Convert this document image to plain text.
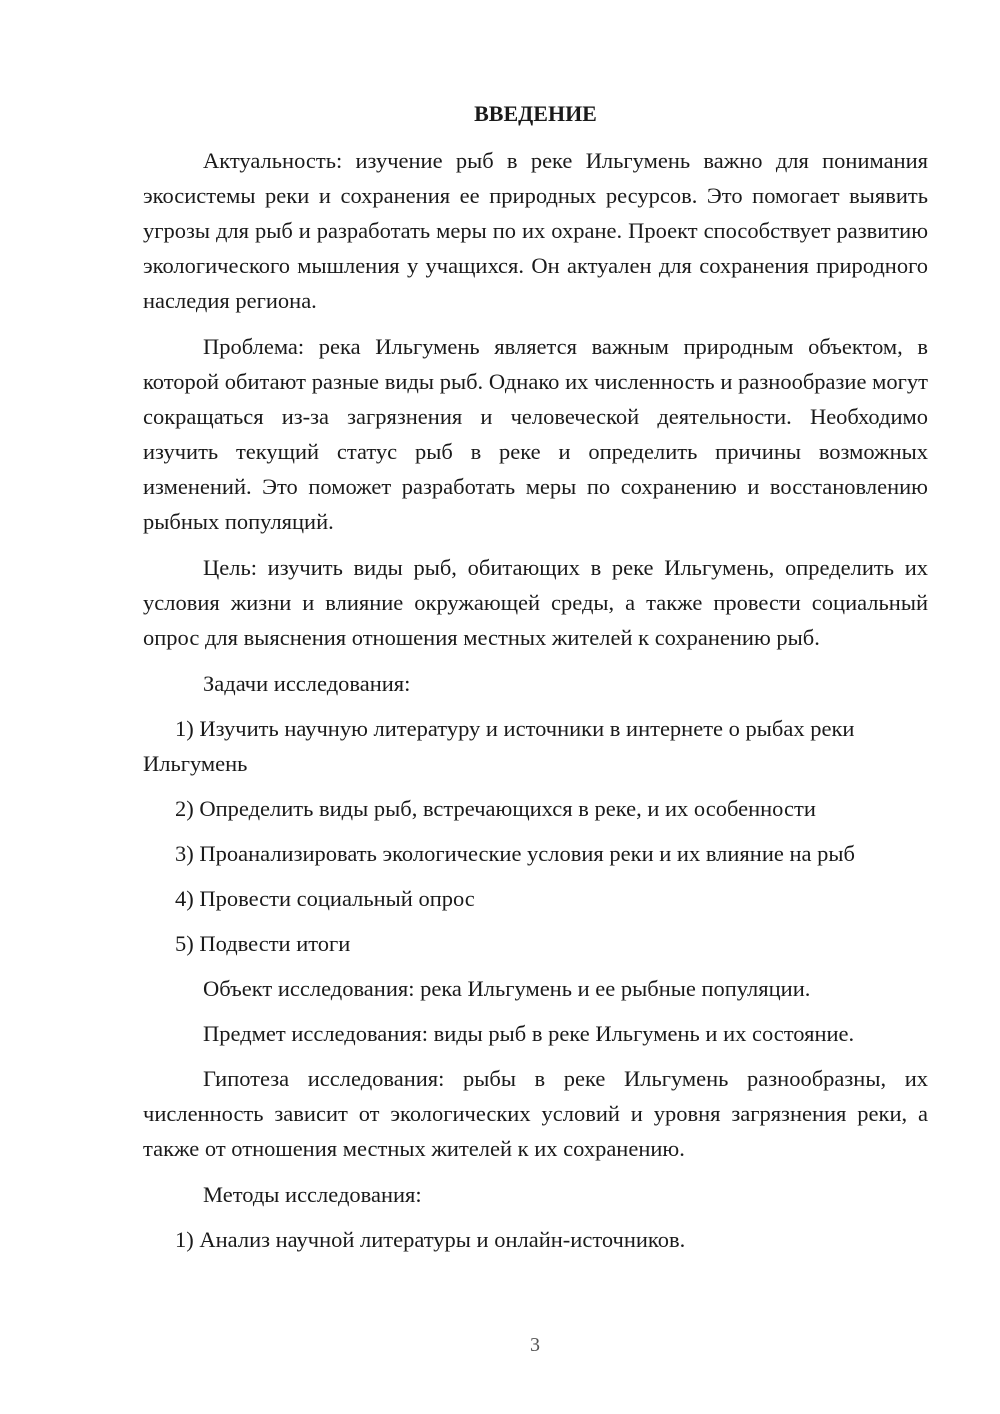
ВВЕДЕНИЕ

Актуальность: изучение рыб в реке Ильгумень важно для понимания экосистемы реки и сохранения ее природных ресурсов. Это помогает выявить угрозы для рыб и разработать меры по их охране. Проект способствует развитию экологического мышления у учащихся. Он актуален для сохранения природного наследия региона.

Проблема: река Ильгумень является важным природным объектом, в которой обитают разные виды рыб. Однако их численность и разнообразие могут сокращаться из-за загрязнения и человеческой деятельности. Необходимо изучить текущий статус рыб в реке и определить причины возможных изменений. Это поможет разработать меры по сохранению и восстановлению рыбных популяций.

Цель: изучить виды рыб, обитающих в реке Ильгумень, определить их условия жизни и влияние окружающей среды, а также провести социальный опрос для выяснения отношения местных жителей к сохранению рыб.

Задачи исследования:

1) Изучить научную литературу и источники в интернете о рыбах реки Ильгумень

2) Определить виды рыб, встречающихся в реке, и их особенности

3) Проанализировать экологические условия реки и их влияние на рыб

4) Провести социальный опрос

5) Подвести итоги

Объект исследования: река Ильгумень и ее рыбные популяции.

Предмет исследования: виды рыб в реке Ильгумень и их состояние.

Гипотеза исследования: рыбы в реке Ильгумень разнообразны, их численность зависит от экологических условий и уровня загрязнения реки, а также от отношения местных жителей к их сохранению.

Методы исследования:

1) Анализ научной литературы и онлайн-источников.

3
